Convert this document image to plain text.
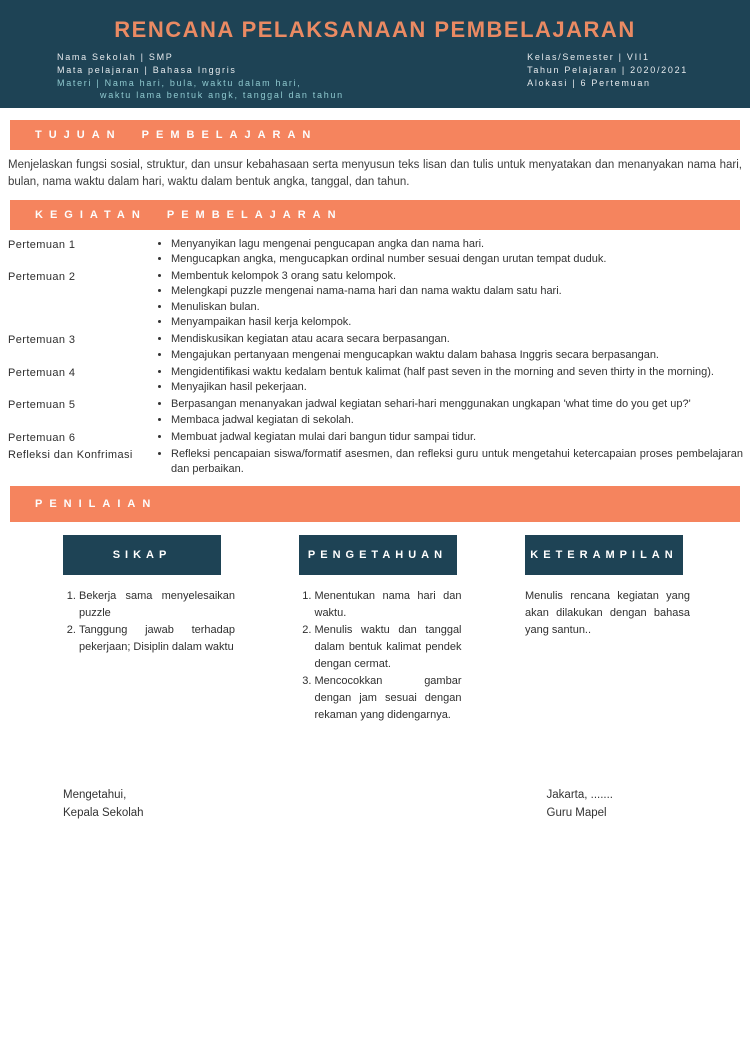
RENCANA PELAKSANAAN PEMBELAJARAN
Nama Sekolah | SMP
Mata pelajaran | Bahasa Inggris
Materi | Nama hari, bula, waktu dalam hari,
waktu lama bentuk angk, tanggal dan tahun
Kelas/Semester | VII1
Tahun Pelajaran | 2020/2021
Alokasi | 6 Pertemuan
TUJUAN PEMBELAJARAN

Menjelaskan fungsi sosial, struktur, dan unsur kebahasaan serta menyusun teks lisan dan tulis untuk menyatakan dan menanyakan nama hari, bulan, nama waktu dalam hari, waktu dalam bentuk angka, tanggal, dan tahun.

KEGIATAN PEMBELAJARAN
Pertemuan 1	• Menyanyikan lagu mengenai pengucapan angka dan nama hari.
• Mengucapkan angka, mengucapkan ordinal number sesuai dengan urutan tempat duduk.
Pertemuan 2	• Membentuk kelompok 3 orang satu kelompok.
• Melengkapi puzzle mengenai nama-nama hari dan nama waktu dalam satu hari.
• Menuliskan bulan.
• Menyampaikan hasil kerja kelompok.
Pertemuan 3	• Mendiskusikan kegiatan atau acara secara berpasangan.
• Mengajukan pertanyaan mengenai mengucapkan waktu dalam bahasa Inggris secara berpasangan.
Pertemuan 4	• Mengidentifikasi waktu kedalam bentuk kalimat (half past seven in the morning and seven thirty in the morning).
• Menyajikan hasil pekerjaan.
Pertemuan 5	• Berpasangan menanyakan jadwal kegiatan sehari-hari menggunakan ungkapan 'what time do you get up?'
• Membaca jadwal kegiatan di sekolah.
Pertemuan 6	• Membuat jadwal kegiatan mulai dari bangun tidur sampai tidur.
Refleksi dan Konfrimasi	• Refleksi pencapaian siswa/formatif asesmen, dan refleksi guru untuk mengetahui ketercapaian proses pembelajaran dan perbaikan.
PENILAIAN
SIKAP
1. Bekerja sama menyelesaikan puzzle
2. Tanggung jawab terhadap pekerjaan; Disiplin dalam waktu
PENGETAHUAN
1. Menentukan nama hari dan waktu.
2. Menulis waktu dan tanggal dalam bentuk kalimat pendek dengan cermat.
3. Mencocokkan gambar dengan jam sesuai dengan rekaman yang didengarnya.
KETERAMPILAN
Menulis rencana kegiatan yang akan dilakukan dengan bahasa yang santun..
Mengetahui,
Kepala Sekolah
Jakarta, .......
Guru Mapel
